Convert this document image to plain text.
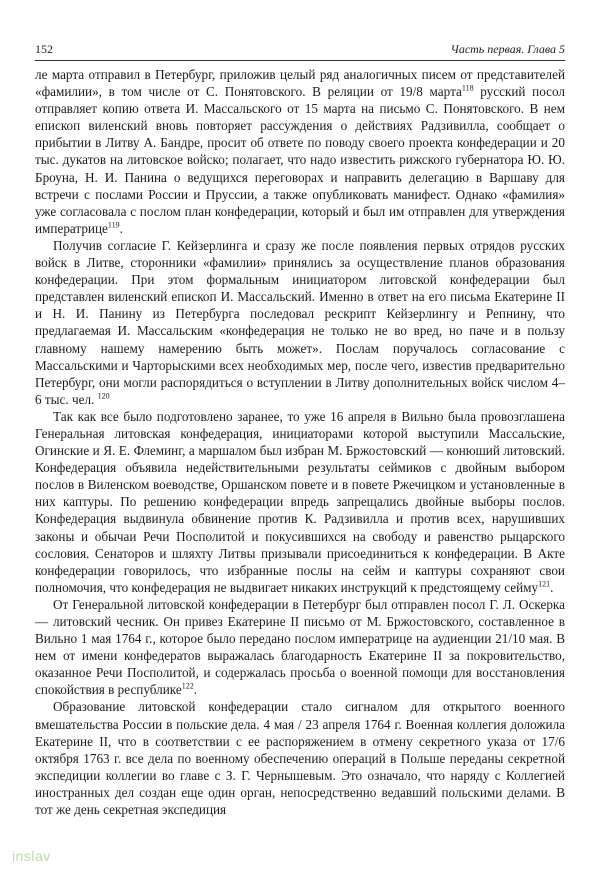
152	Часть первая. Глава 5

ле марта отправил в Петербург, приложив целый ряд аналогичных писем от представителей «фамилии», в том числе от С. Понятовского. В реляции от 19/8 марта$^{118}$ русский посол отправляет копию ответа И. Массальского от 15 марта на письмо С. Понятовского. В нем епископ виленский вновь повторяет рассуждения о действиях Радзивилла, сообщает о прибытии в Литву А. Бандре, просит об ответе по поводу своего проекта конфедерации и 20 тыс. дукатов на литовское войско; полагает, что надо известить рижского губернатора Ю. Ю. Броуна, Н. И. Панина о ведущихся переговорах и направить делегацию в Варшаву для встречи с послами России и Пруссии, а также опубликовать манифест. Однако «фамилия» уже согласовала с послом план конфедерации, который и был им отправлен для утверждения императрице$^{119}$.

Получив согласие Г. Кейзерлинга и сразу же после появления первых отрядов русских войск в Литве, сторонники «фамилии» принялись за осуществление планов образования конфедерации. При этом формальным инициатором литовской конфедерации был представлен виленский епископ И. Массальский. Именно в ответ на его письма Екатерине II и Н. И. Панину из Петербурга последовал рескрипт Кейзерлингу и Репнину, что предлагаемая И. Массальским «конфедерация не только не во вред, но паче и в пользу главному нашему намерению быть может». Послам поручалось согласование с Массальскими и Чарторыскими всех необходимых мер, после чего, известив предварительно Петербург, они могли распорядиться о вступлении в Литву дополнительных войск числом 4–6 тыс. чел. $^{120}$

Так как все было подготовлено заранее, то уже 16 апреля в Вильно была провозглашена Генеральная литовская конфедерация, инициаторами которой выступили Массальские, Огинские и Я. Е. Флеминг, а маршалом был избран М. Бржостовский — конюший литовский. Конфедерация объявила недействительными результаты сеймиков с двойным выбором послов в Виленском воеводстве, Оршанском повете и в повете Ржечицком и установленные в них каптуры. По решению конфедерации впредь запрещались двойные выборы послов. Конфедерация выдвинула обвинение против К. Радзивилла и против всех, нарушивших законы и обычаи Речи Посполитой и покусившихся на свободу и равенство рыцарского сословия. Сенаторов и шляхту Литвы призывали присоединиться к конфедерации. В Акте конфедерации говорилось, что избранные послы на сейм и каптуры сохраняют свои полномочия, что конфедерация не выдвигает никаких инструкций к предстоящему сейму$^{121}$.

От Генеральной литовской конфедерации в Петербург был отправлен посол Г. Л. Оскерка — литовский чесник. Он привез Екатерине II письмо от М. Бржостовского, составленное в Вильно 1 мая 1764 г., которое было передано послом императрице на аудиенции 21/10 мая. В нем от имени конфедератов выражалась благодарность Екатерине II за покровительство, оказанное Речи Посполитой, и содержалась просьба о военной помощи для восстановления спокойствия в республике$^{122}$.

Образование литовской конфедерации стало сигналом для открытого военного вмешательства России в польские дела. 4 мая / 23 апреля 1764 г. Военная коллегия доложила Екатерине II, что в соответствии с ее распоряжением в отмену секретного указа от 17/6 октября 1763 г. все дела по военному обеспечению операций в Польше переданы секретной экспедиции коллегии во главе с З. Г. Чернышевым. Это означало, что наряду с Коллегией иностранных дел создан еще один орган, непосредственно ведавший польскими делами. В тот же день секретная экспедиция

inslav
